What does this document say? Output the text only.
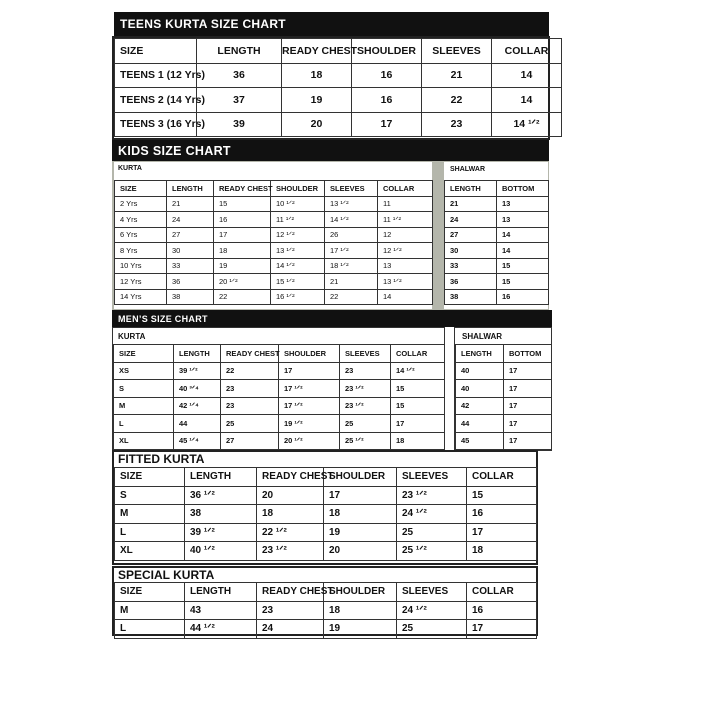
TEENS KURTA SIZE CHART
SIZE	LENGTH	READY CHEST	SHOULDER	SLEEVES	COLLAR
TEENS 1 (12 Yrs)	36	18	16	21	14
TEENS 2 (14 Yrs)	37	19	16	22	14
TEENS 3 (16 Yrs)	39	20	17	23	14 ¹ᐟ²
KIDS SIZE CHART
KURTA
SIZE	LENGTH	READY CHEST	SHOULDER	SLEEVES	COLLAR
2 Yrs	21	15	10 ¹ᐟ²	13 ¹ᐟ²	11
4 Yrs	24	16	11 ¹ᐟ²	14 ¹ᐟ²	11 ¹ᐟ²
6 Yrs	27	17	12 ¹ᐟ²	26	12
8 Yrs	30	18	13 ¹ᐟ²	17 ¹ᐟ²	12 ¹ᐟ²
10 Yrs	33	19	14 ¹ᐟ²	18 ¹ᐟ²	13
12 Yrs	36	20 ¹ᐟ²	15 ¹ᐟ²	21	13 ¹ᐟ²
14 Yrs	38	22	16 ¹ᐟ²	22	14
SHALWAR
LENGTH	BOTTOM
21	13
24	13
27	14
30	14
33	15
36	15
38	16
MEN’S SIZE CHART
KURTA
SIZE	LENGTH	READY CHEST	SHOULDER	SLEEVES	COLLAR
XS	39 ¹ᐟ²	22	17	23	14 ¹ᐟ²
S	40 ³ᐟ⁴	23	17 ¹ᐟ²	23 ¹ᐟ²	15
M	42 ¹ᐟ⁴	23	17 ¹ᐟ²	23 ¹ᐟ²	15
L	44	25	19 ¹ᐟ²	25	17
XL	45 ¹ᐟ⁴	27	20 ¹ᐟ²	25 ¹ᐟ²	18
SHALWAR
LENGTH	BOTTOM
40	17
40	17
42	17
44	17
45	17
FITTED KURTA
SIZE	LENGTH	READY CHEST	SHOULDER	SLEEVES	COLLAR
S	36 ¹ᐟ²	20	17	23 ¹ᐟ²	15
M	38	18	18	24 ¹ᐟ²	16
L	39 ¹ᐟ²	22 ¹ᐟ²	19	25	17
XL	40 ¹ᐟ²	23 ¹ᐟ²	20	25 ¹ᐟ²	18
SPECIAL KURTA
SIZE	LENGTH	READY CHEST	SHOULDER	SLEEVES	COLLAR
M	43	23	18	24 ¹ᐟ²	16
L	44 ¹ᐟ²	24	19	25	17
